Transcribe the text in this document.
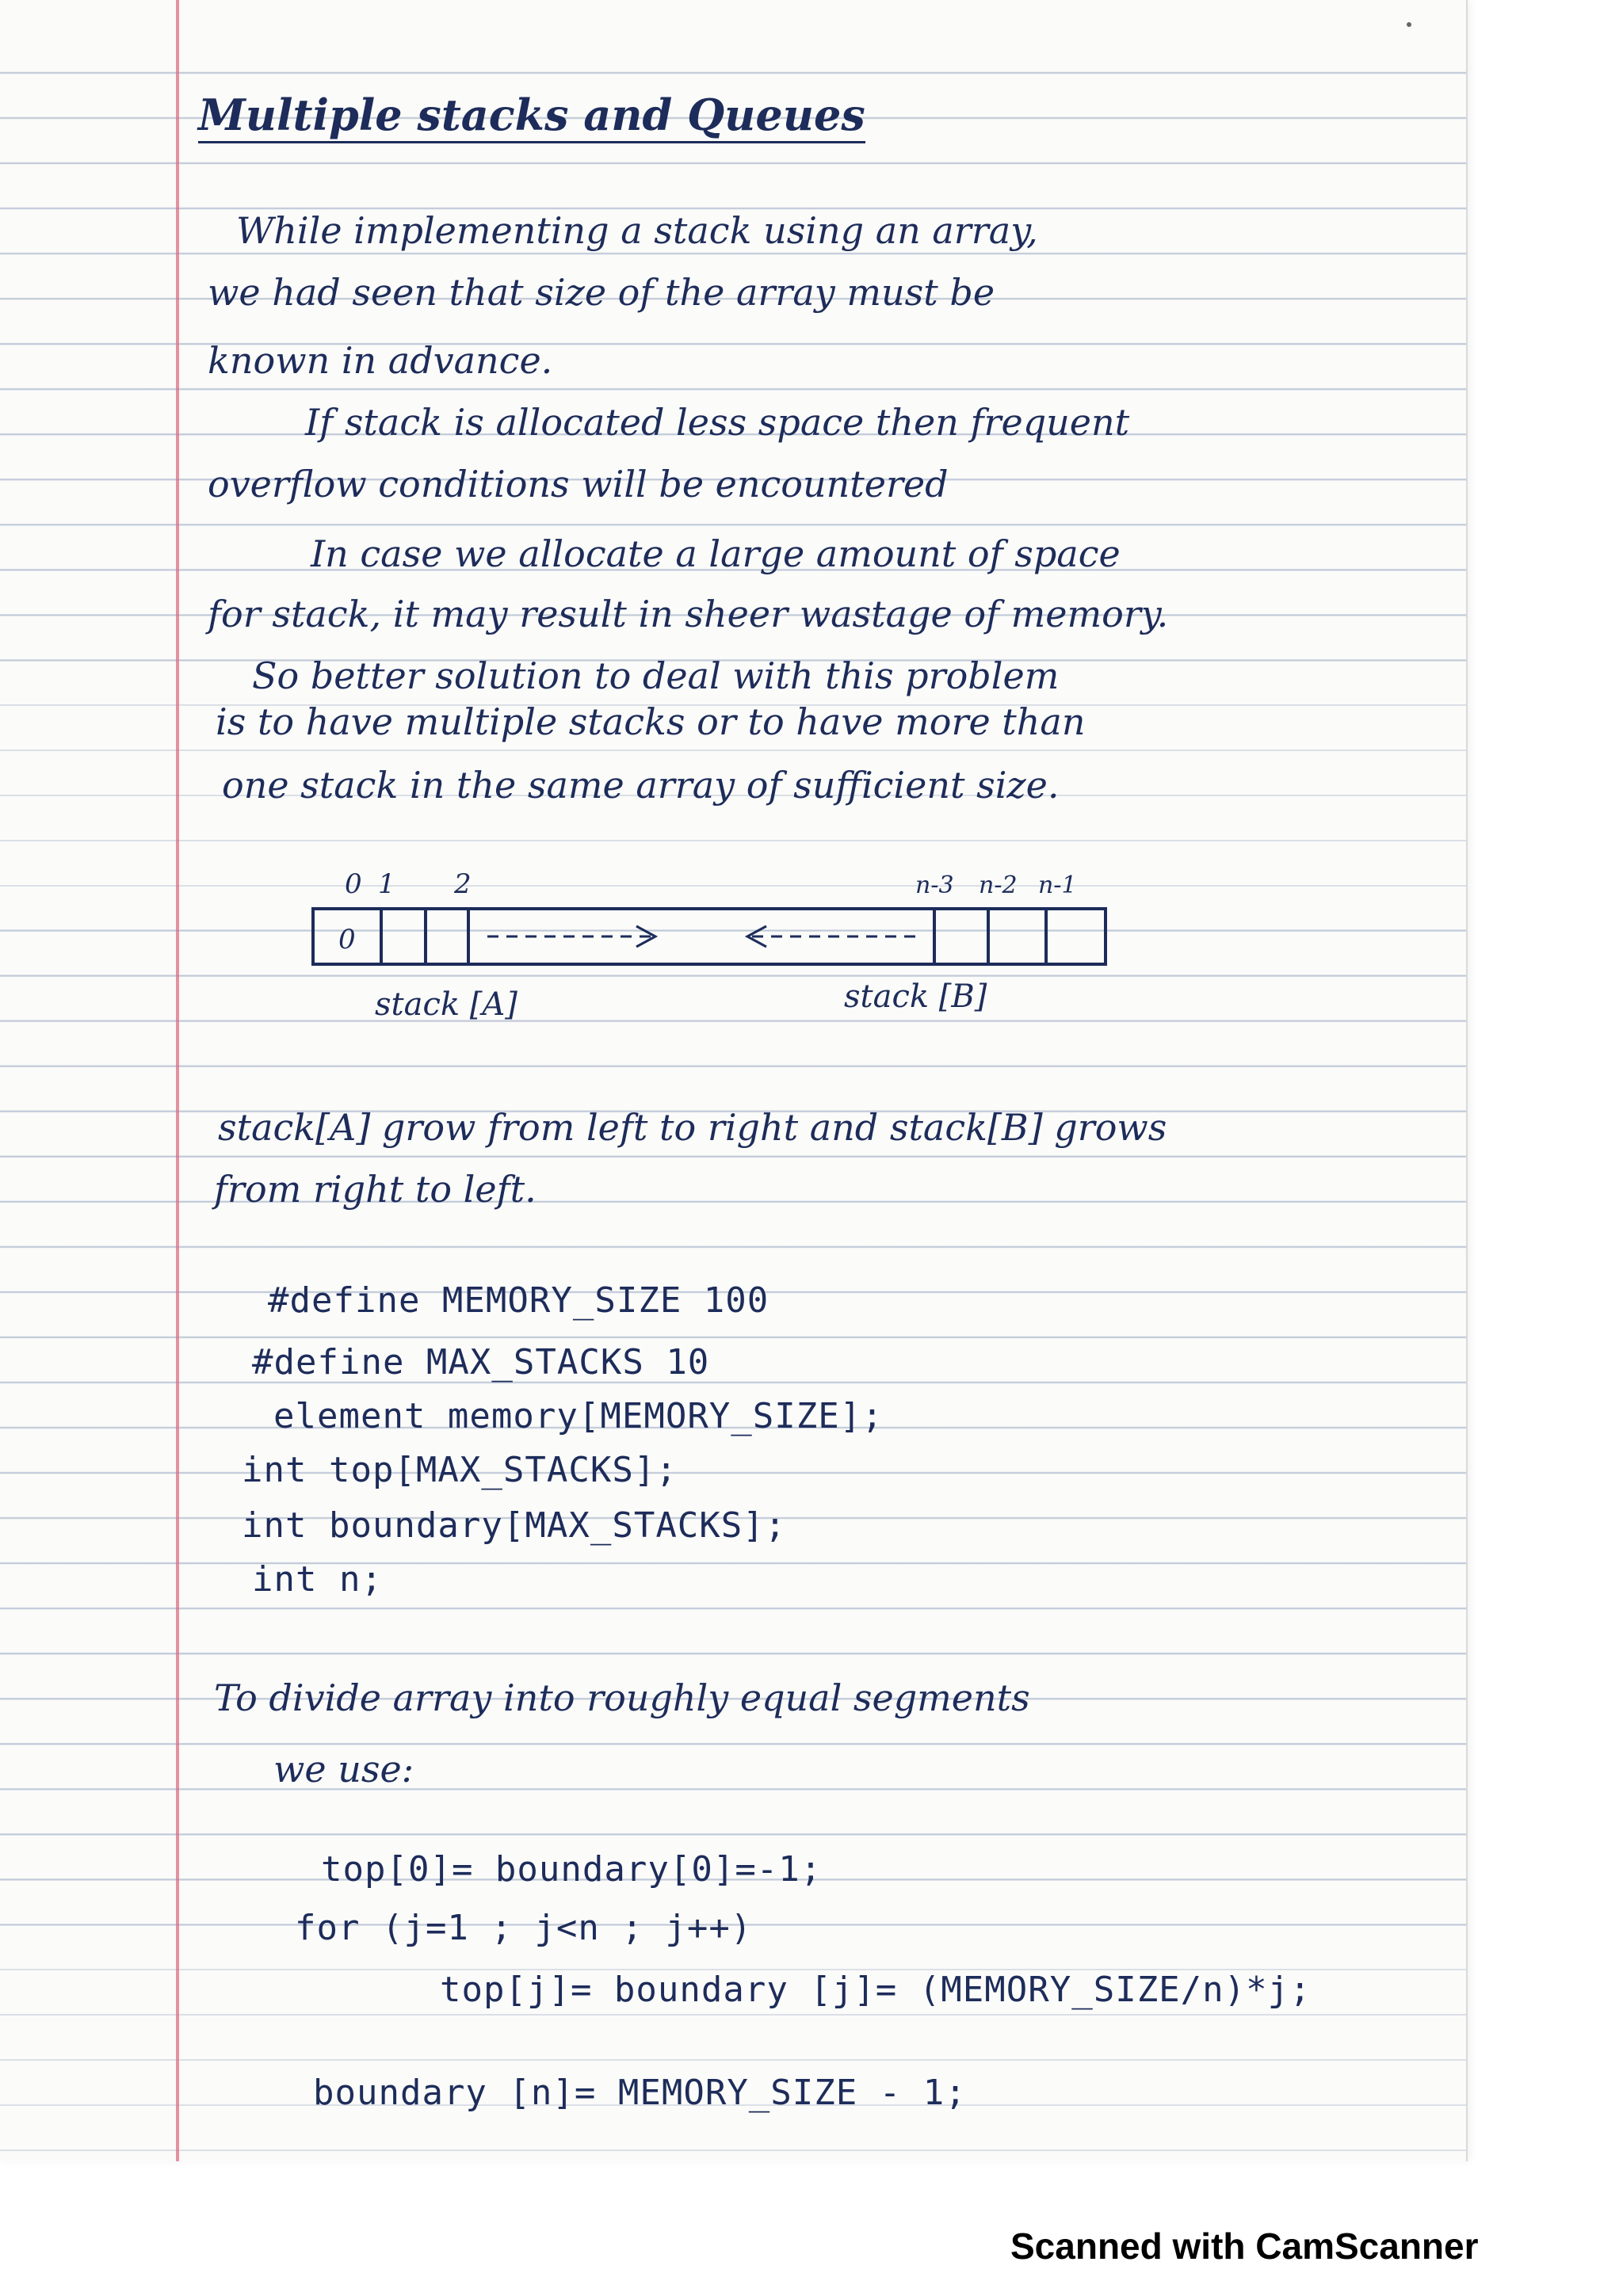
Multiple stacks and Queues

While implementing a stack using an array,

we had seen that size of the array must be

known in advance.

If stack is allocated less space then frequent

overflow conditions will be encountered

In case we allocate a large amount of space

for stack, it may result in sheer wastage of memory.

So better solution to deal with this problem

is to have multiple stacks or to have more than

one stack in the same array of sufficient size.

0 1 2	n-3 n-2 n-1
0
stack [A]	stack [B]

stack[A] grow from left to right and stack[B] grows

from right to left.

#define MEMORY_SIZE 100

#define MAX_STACKS 10

element memory[MEMORY_SIZE];

int top[MAX_STACKS];

int boundary[MAX_STACKS];

int n;

To divide array into roughly equal segments

we use:

top[0]= boundary[0]=-1;

for (j=1 ; j<n ; j++)

top[j]= boundary [j]= (MEMORY_SIZE/n)*j;

boundary [n]= MEMORY_SIZE - 1;

Scanned with CamScanner
